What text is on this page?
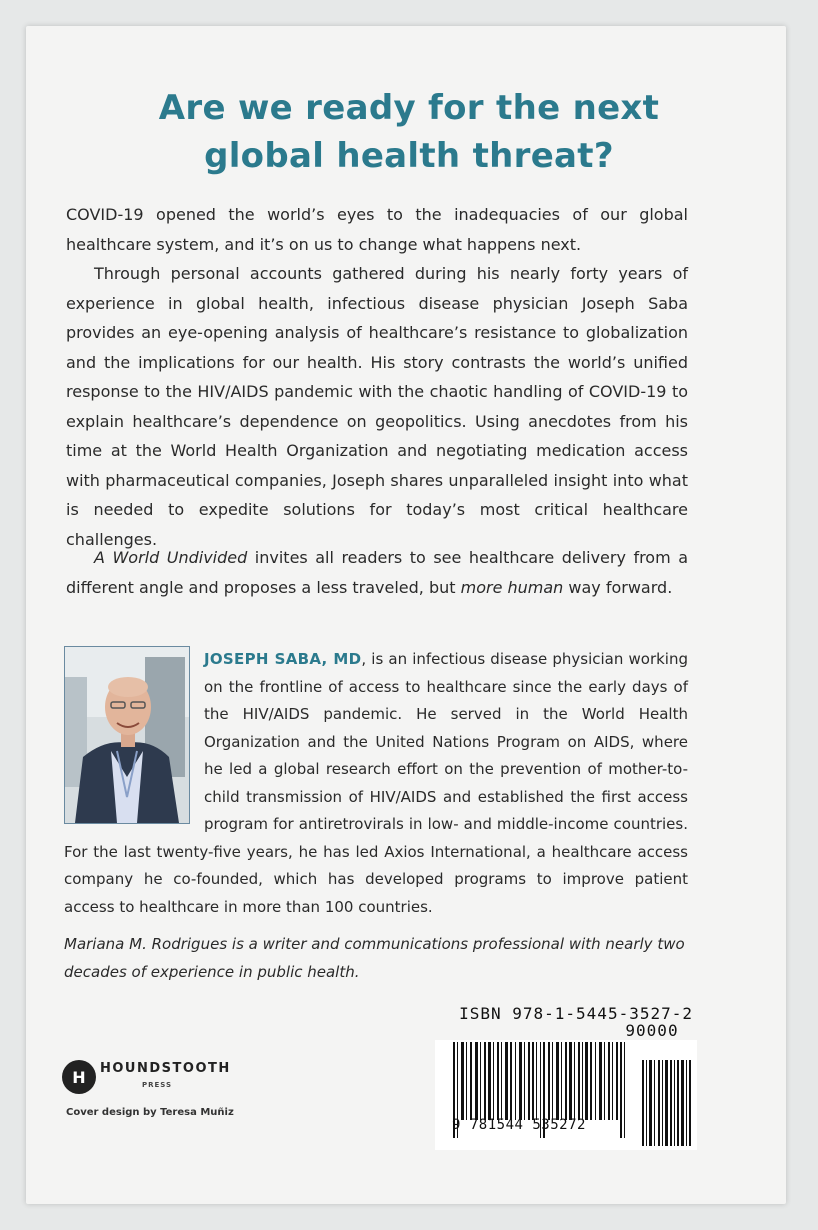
Are we ready for the next
global health threat?
COVID-19 opened the world’s eyes to the inadequacies of our global healthcare system, and it’s on us to change what happens next.
Through personal accounts gathered during his nearly forty years of experience in global health, infectious disease physician Joseph Saba provides an eye-opening analysis of healthcare’s resistance to globalization and the implications for our health. His story contrasts the world’s unified response to the HIV/AIDS pandemic with the chaotic handling of COVID-19 to explain healthcare’s dependence on geopolitics. Using anecdotes from his time at the World Health Organization and negotiating medication access with pharmaceutical companies, Joseph shares unparalleled insight into what is needed to expedite solutions for today’s most critical healthcare challenges.
A World Undivided invites all readers to see healthcare delivery from a different angle and proposes a less traveled, but more human way forward.
JOSEPH SABA, MD, is an infectious disease physician working on the frontline of access to healthcare since the early days of the HIV/AIDS pandemic. He served in the World Health Organization and the United Nations Program on AIDS, where he led a global research effort on the prevention of mother-to-child transmission of HIV/AIDS and established the first access program for antiretrovirals in low- and middle-income countries. For the last twenty-five years, he has led Axios International, a healthcare access company he co-founded, which has developed programs to improve patient access to healthcare in more than 100 countries.
Mariana M. Rodrigues is a writer and communications professional with nearly two decades of experience in public health.
ISBN 978-1-5445-3527-2
90000
9 781544 535272
H HOUNDSTOOTH
PRESS
Cover design by Teresa Muñiz
